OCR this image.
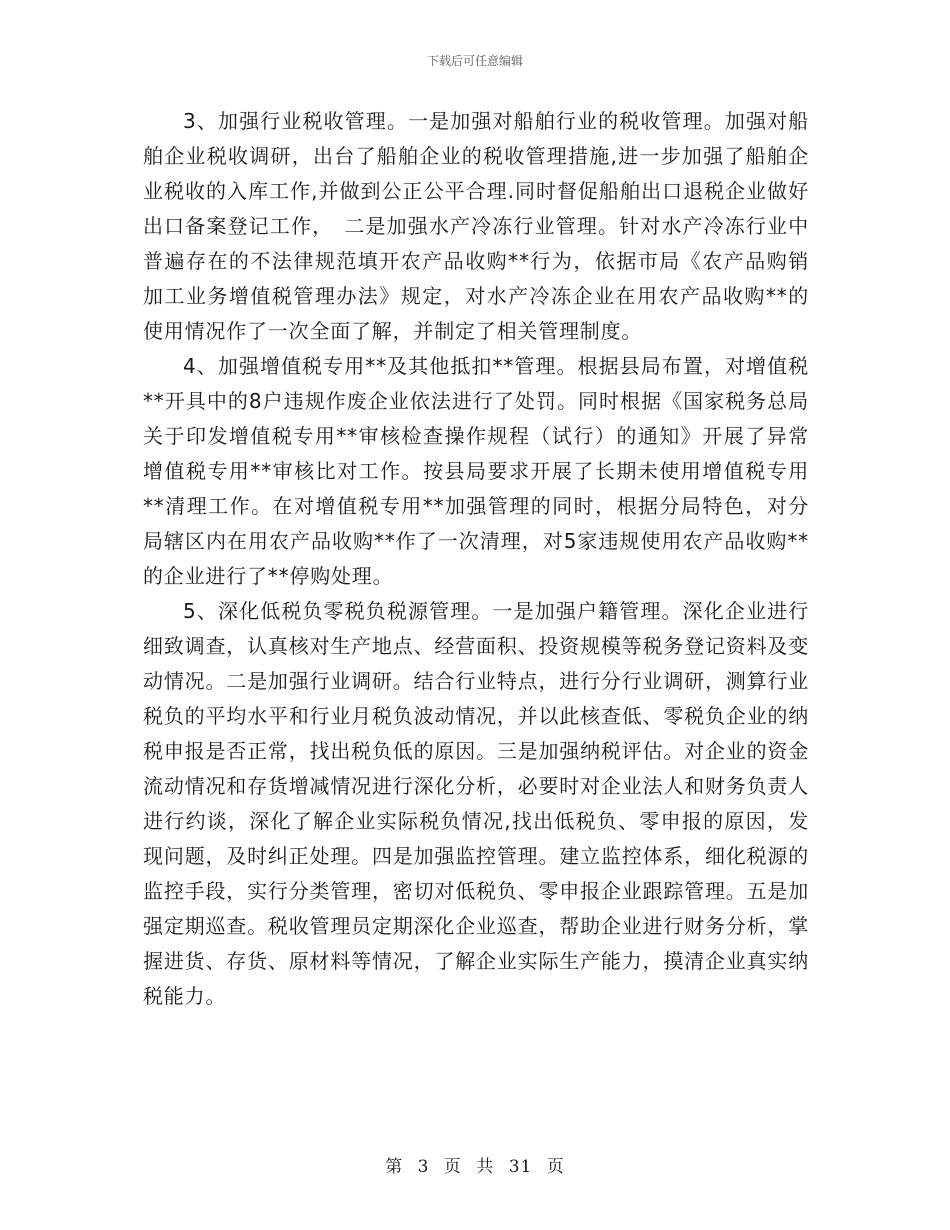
下载后可任意编辑

3、加强行业税收管理。一是加强对船舶行业的税收管理。加强对船舶企业税收调研，出台了船舶企业的税收管理措施,进一步加强了船舶企业税收的入库工作,并做到公正公平合理.同时督促船舶出口退税企业做好出口备案登记工作，　二是加强水产冷冻行业管理。针对水产冷冻行业中普遍存在的不法律规范填开农产品收购**行为，依据市局《农产品购销加工业务增值税管理办法》规定，对水产冷冻企业在用农产品收购**的使用情况作了一次全面了解，并制定了相关管理制度。

4、加强增值税专用**及其他抵扣**管理。根据县局布置，对增值税**开具中的8户违规作废企业依法进行了处罚。同时根据《国家税务总局关于印发增值税专用**审核检查操作规程（试行）的通知》开展了异常增值税专用**审核比对工作。按县局要求开展了长期未使用增值税专用**清理工作。在对增值税专用**加强管理的同时，根据分局特色，对分局辖区内在用农产品收购**作了一次清理，对5家违规使用农产品收购**的企业进行了**停购处理。

5、深化低税负零税负税源管理。一是加强户籍管理。深化企业进行细致调查，认真核对生产地点、经营面积、投资规模等税务登记资料及变动情况。二是加强行业调研。结合行业特点，进行分行业调研，测算行业税负的平均水平和行业月税负波动情况，并以此核查低、零税负企业的纳税申报是否正常，找出税负低的原因。三是加强纳税评估。对企业的资金流动情况和存货增减情况进行深化分析，必要时对企业法人和财务负责人进行约谈，深化了解企业实际税负情况,找出低税负、零申报的原因，发现问题，及时纠正处理。四是加强监控管理。建立监控体系，细化税源的监控手段，实行分类管理，密切对低税负、零申报企业跟踪管理。五是加强定期巡查。税收管理员定期深化企业巡查，帮助企业进行财务分析，掌握进货、存货、原材料等情况，了解企业实际生产能力，摸清企业真实纳税能力。

第 3 页 共 31 页
